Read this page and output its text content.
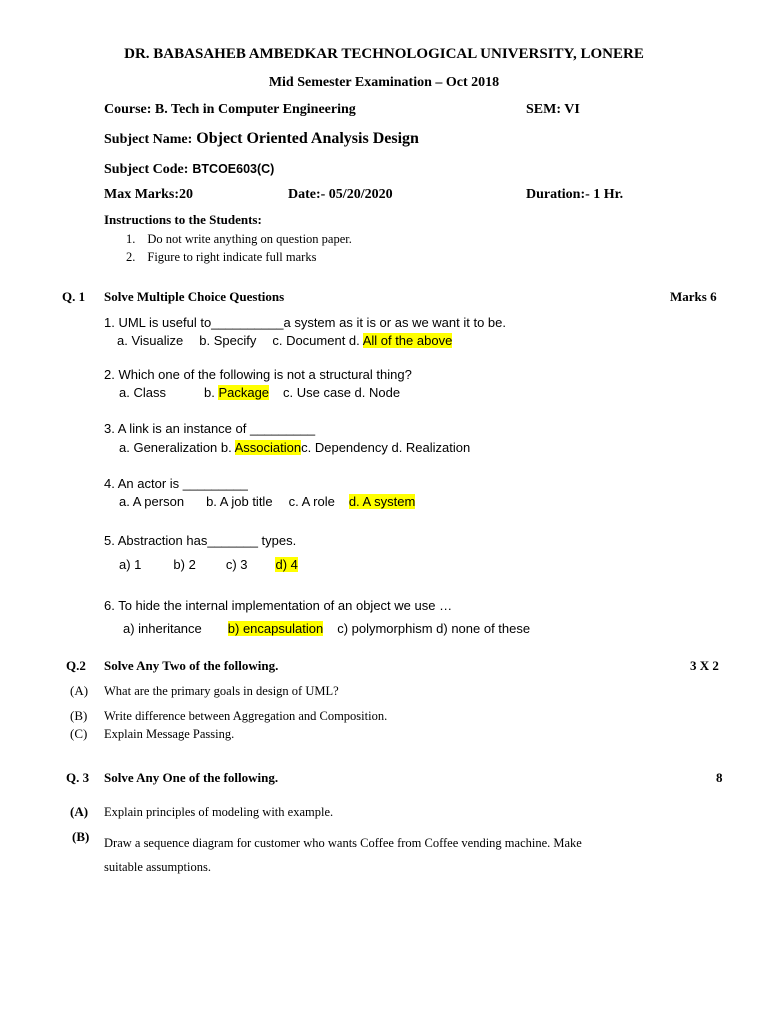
DR. BABASAHEB AMBEDKAR TECHNOLOGICAL UNIVERSITY, LONERE
Mid Semester Examination – Oct 2018
Course: B. Tech in Computer Engineering	SEM: VI
Subject Name: Object Oriented Analysis Design
Subject Code: BTCOE603(C)
Max Marks:20	Date:- 05/20/2020	Duration:- 1 Hr.
Instructions to the Students:
1. Do not write anything on question paper.
2. Figure to right indicate full marks
Q. 1 Solve Multiple Choice Questions	Marks 6
1. UML is useful to__________a system as it is or as we want it to be.
a. Visualize b. Specify c. Document d. All of the above
2. Which one of the following is not a structural thing?
a. Class	b. Package c. Use case d. Node
3. A link is an instance of _________
a. Generalization b. Associationc. Dependency d. Realization
4. An actor is _________
a. A person b. A job title c. A role d. A system
5. Abstraction has_______ types.
a) 1 b) 2 c) 3 d) 4
6. To hide the internal implementation of an object we use …
a) inheritance b) encapsulation c) polymorphism d) none of these
Q.2 Solve Any Two of the following.	3 X 2
(A) What are the primary goals in design of UML?
(B) Write difference between Aggregation and Composition.
(C) Explain Message Passing.
Q. 3 Solve Any One of the following.	8
(A) Explain principles of modeling with example.
(B) Draw a sequence diagram for customer who wants Coffee from Coffee vending machine. Make
suitable assumptions.
